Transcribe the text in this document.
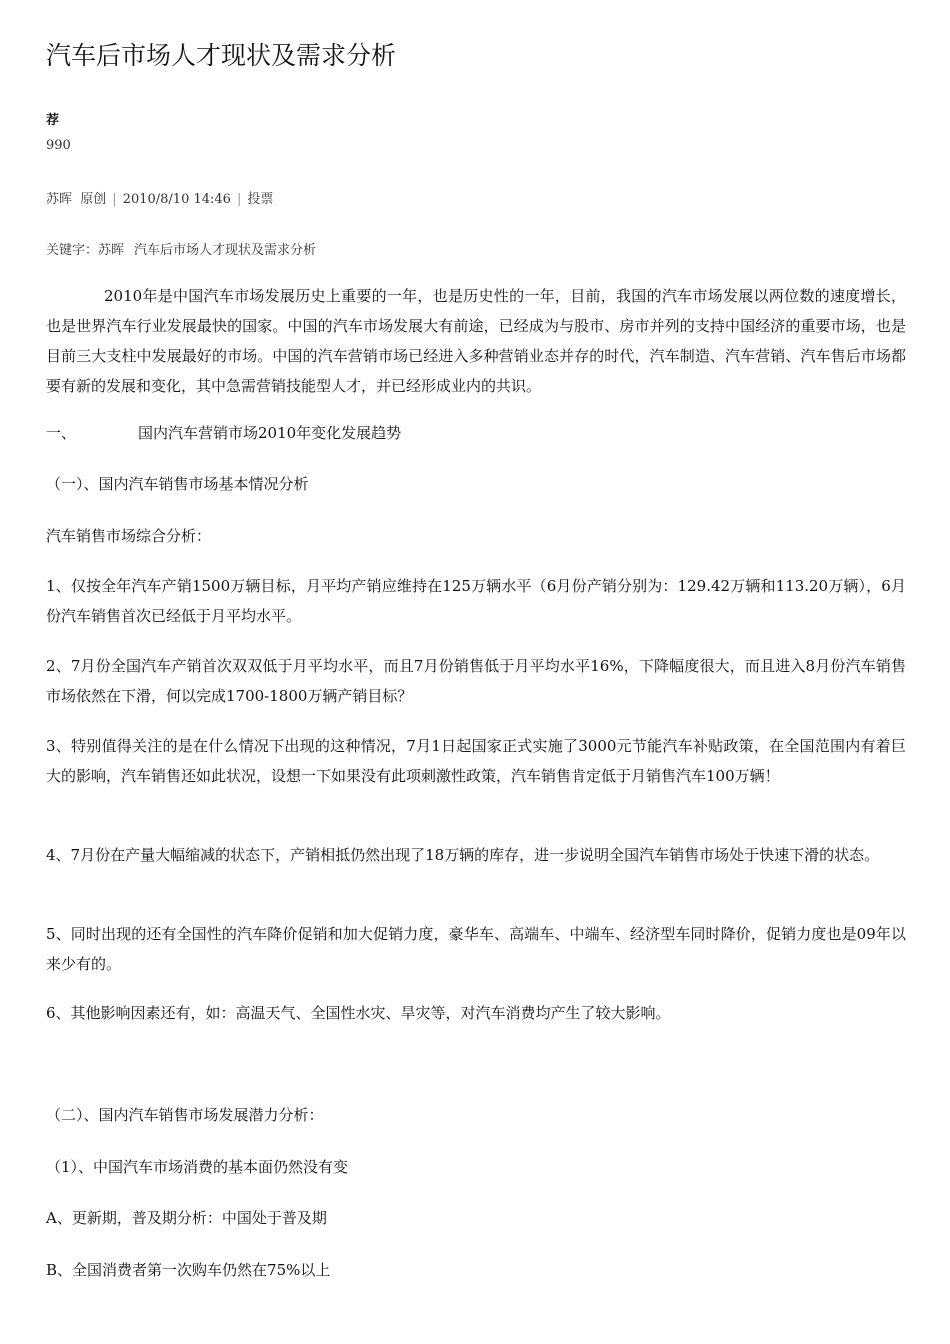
汽车后市场人才现状及需求分析
荐
990
苏晖 原创 | 2010/8/10 14:46 | 投票
关键字：苏晖 汽车后市场人才现状及需求分析

2010年是中国汽车市场发展历史上重要的一年，也是历史性的一年，目前，我国的汽车市场发展以两位数的速度增长，也是世界汽车行业发展最快的国家。中国的汽车市场发展大有前途，已经成为与股市、房市并列的支持中国经济的重要市场，也是目前三大支柱中发展最好的市场。中国的汽车营销市场已经进入多种营销业态并存的时代，汽车制造、汽车营销、汽车售后市场都要有新的发展和变化，其中急需营销技能型人才，并已经形成业内的共识。

一、	国内汽车营销市场2010年变化发展趋势

（一）、国内汽车销售市场基本情况分析

汽车销售市场综合分析：

1、仅按全年汽车产销1500万辆目标，月平均产销应维持在125万辆水平（6月份产销分别为：129.42万辆和113.20万辆），6月份汽车销售首次已经低于月平均水平。

2、7月份全国汽车产销首次双双低于月平均水平，而且7月份销售低于月平均水平16%，下降幅度很大，而且进入8月份汽车销售市场依然在下滑，何以完成1700-1800万辆产销目标？

3、特别值得关注的是在什么情况下出现的这种情况，7月1日起国家正式实施了3000元节能汽车补贴政策，在全国范围内有着巨大的影响，汽车销售还如此状况，设想一下如果没有此项刺激性政策，汽车销售肯定低于月销售汽车100万辆！

4、7月份在产量大幅缩减的状态下，产销相抵仍然出现了18万辆的库存，进一步说明全国汽车销售市场处于快速下滑的状态。

5、同时出现的还有全国性的汽车降价促销和加大促销力度，豪华车、高端车、中端车、经济型车同时降价，促销力度也是09年以来少有的。

6、其他影响因素还有，如：高温天气、全国性水灾、旱灾等，对汽车消费均产生了较大影响。

（二）、国内汽车销售市场发展潜力分析：

（1）、中国汽车市场消费的基本面仍然没有变

A、更新期，普及期分析：中国处于普及期

B、全国消费者第一次购车仍然在75%以上
